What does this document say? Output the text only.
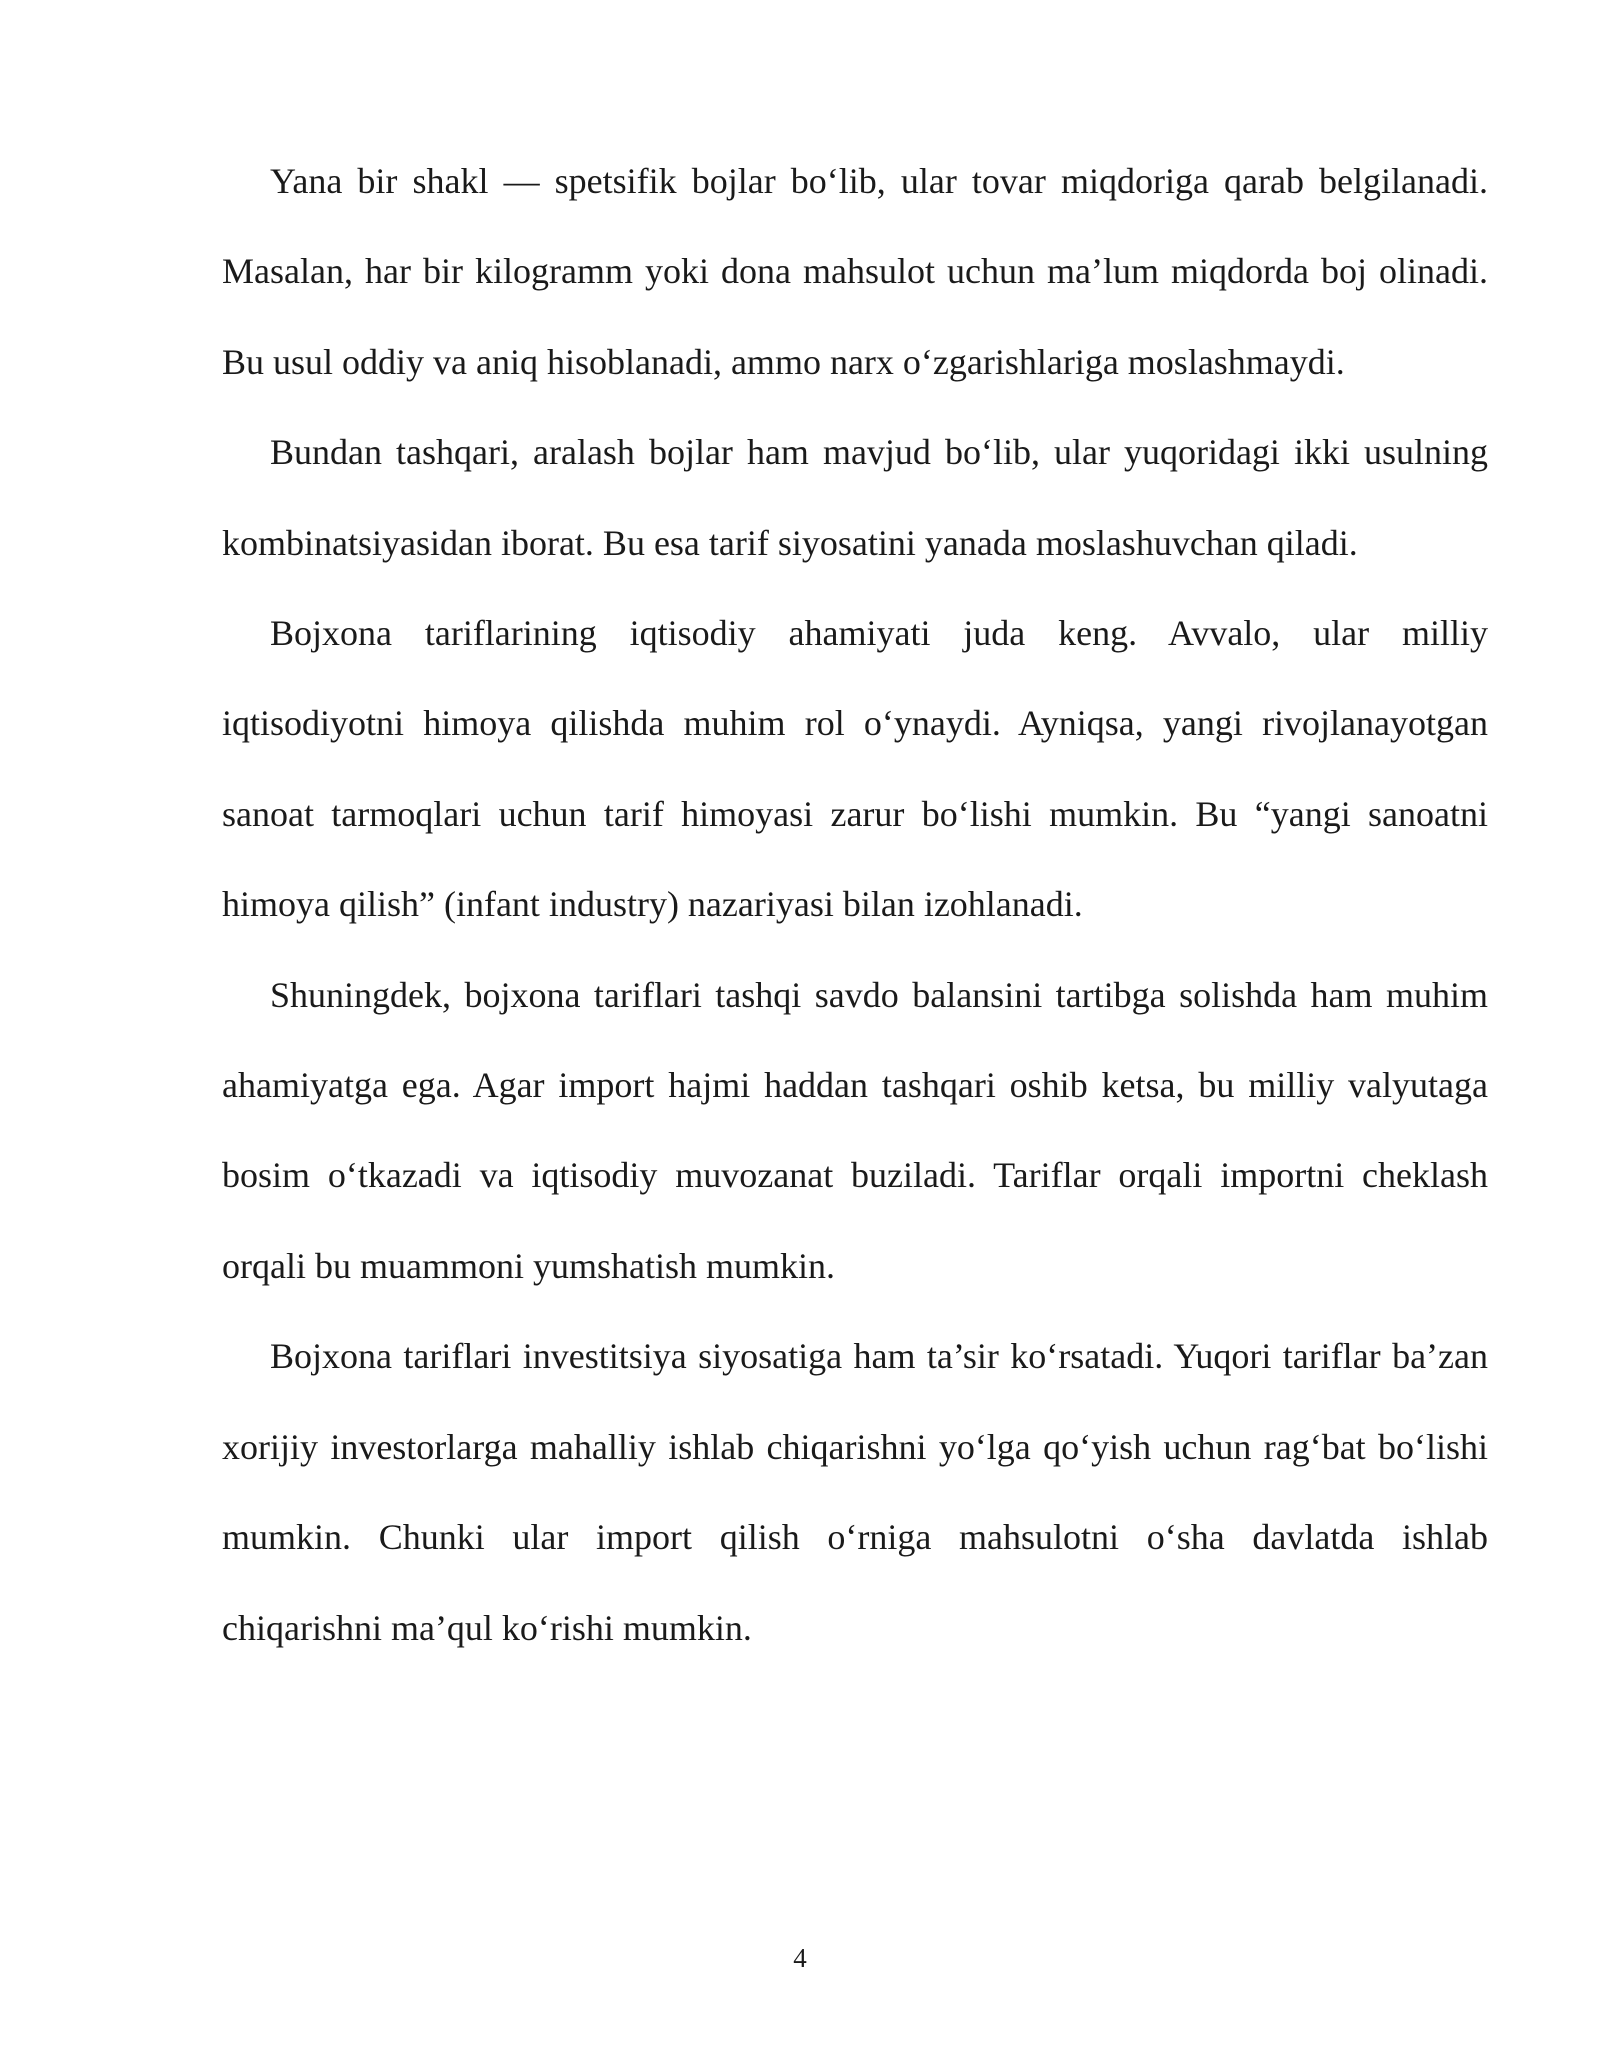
Yana bir shakl — spetsifik bojlar bo‘lib, ular tovar miqdoriga qarab belgilanadi. Masalan, har bir kilogramm yoki dona mahsulot uchun ma’lum miqdorda boj olinadi. Bu usul oddiy va aniq hisoblanadi, ammo narx o‘zgarishlariga moslashmaydi.

Bundan tashqari, aralash bojlar ham mavjud bo‘lib, ular yuqoridagi ikki usulning kombinatsiyasidan iborat. Bu esa tarif siyosatini yanada moslashuvchan qiladi.

Bojxona tariflarining iqtisodiy ahamiyati juda keng. Avvalo, ular milliy iqtisodiyotni himoya qilishda muhim rol o‘ynaydi. Ayniqsa, yangi rivojlanayotgan sanoat tarmoqlari uchun tarif himoyasi zarur bo‘lishi mumkin. Bu “yangi sanoatni himoya qilish” (infant industry) nazariyasi bilan izohlanadi.

Shuningdek, bojxona tariflari tashqi savdo balansini tartibga solishda ham muhim ahamiyatga ega. Agar import hajmi haddan tashqari oshib ketsa, bu milliy valyutaga bosim o‘tkazadi va iqtisodiy muvozanat buziladi. Tariflar orqali importni cheklash orqali bu muammoni yumshatish mumkin.

Bojxona tariflari investitsiya siyosatiga ham ta’sir ko‘rsatadi. Yuqori tariflar ba’zan xorijiy investorlarga mahalliy ishlab chiqarishni yo‘lga qo‘yish uchun rag‘bat bo‘lishi mumkin. Chunki ular import qilish o‘rniga mahsulotni o‘sha davlatda ishlab chiqarishni ma’qul ko‘rishi mumkin.

4
